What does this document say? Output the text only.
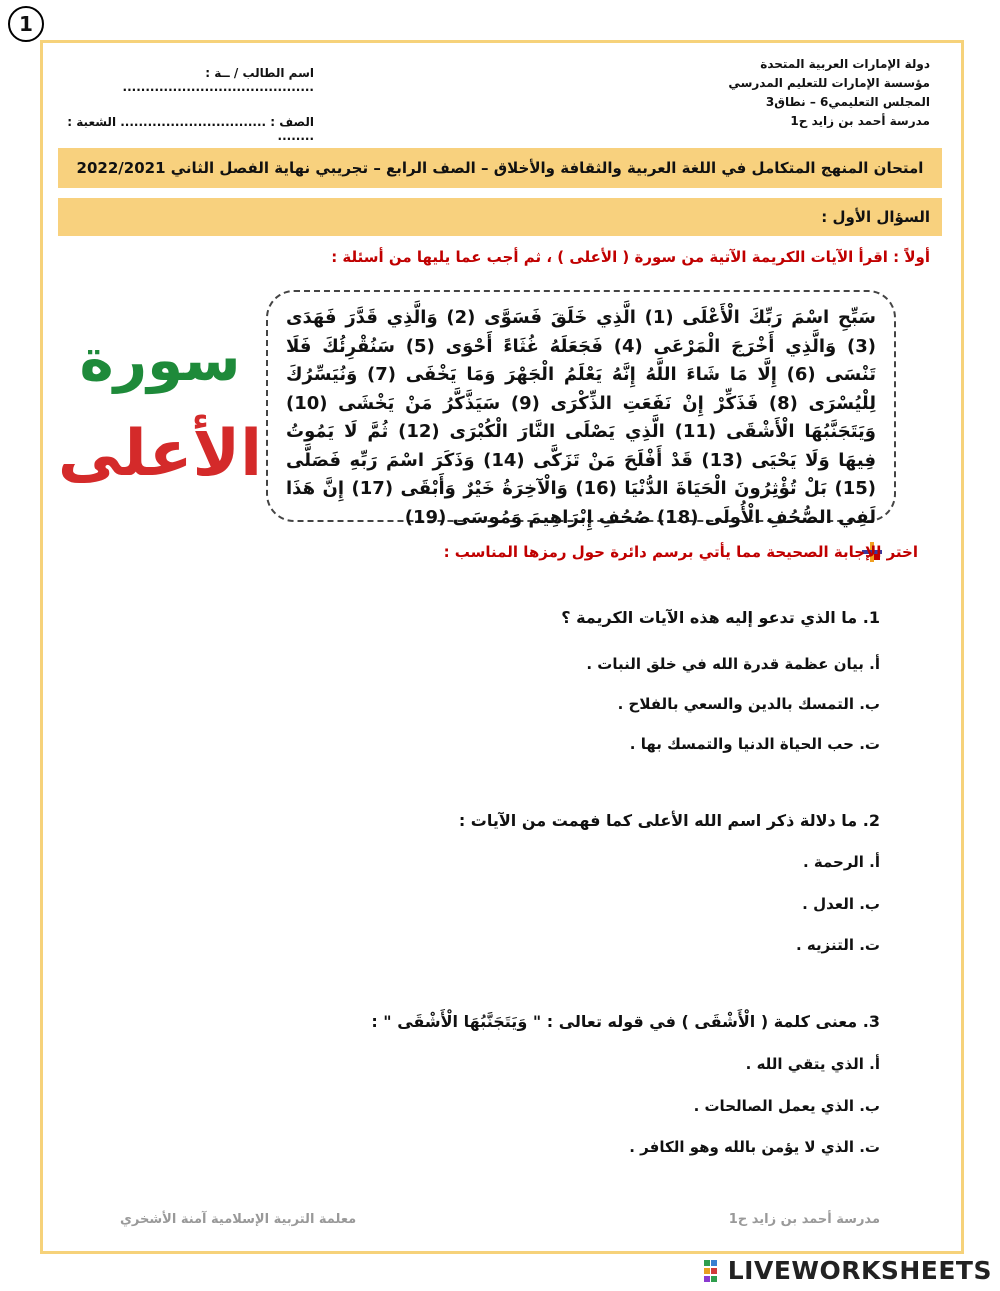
1
دولة الإمارات العربية المتحدة
مؤسسة الإمارات للتعليم المدرسي
المجلس التعليمي6 – نطاق3
مدرسة أحمد بن زايد ح1
اسم الطالب / ــة : ..........................................
الصف : ................................ الشعبة : ........
امتحان المنهج المتكامل في اللغة العربية والثقافة والأخلاق – الصف الرابع – تجريبي نهاية الفصل الثاني 2022/2021
السؤال الأول :
أولاً : اقرأ الآيات الكريمة الآتية من سورة ( الأعلى ) ، ثم أجب عما يليها من أسئلة :
سَبِّحِ اسْمَ رَبِّكَ الْأَعْلَى (1) الَّذِي خَلَقَ فَسَوَّى (2) وَالَّذِي قَدَّرَ فَهَدَى (3) وَالَّذِي أَخْرَجَ الْمَرْعَى (4) فَجَعَلَهُ غُثَاءً أَحْوَى (5) سَنُقْرِئُكَ فَلَا تَنْسَى (6) إِلَّا مَا شَاءَ اللَّهُ إِنَّهُ يَعْلَمُ الْجَهْرَ وَمَا يَخْفَى (7) وَنُيَسِّرُكَ لِلْيُسْرَى (8) فَذَكِّرْ إِنْ نَفَعَتِ الذِّكْرَى (9) سَيَذَّكَّرُ مَنْ يَخْشَى (10) وَيَتَجَنَّبُهَا الْأَشْقَى (11) الَّذِي يَصْلَى النَّارَ الْكُبْرَى (12) ثُمَّ لَا يَمُوتُ فِيهَا وَلَا يَحْيَى (13) قَدْ أَفْلَحَ مَنْ تَزَكَّى (14) وَذَكَرَ اسْمَ رَبِّهِ فَصَلَّى (15) بَلْ تُؤْثِرُونَ الْحَيَاةَ الدُّنْيَا (16) وَالْآخِرَةُ خَيْرٌ وَأَبْقَى (17) إِنَّ هَذَا لَفِي الصُّحُفِ الْأُولَى (18) صُحُفِ إِبْرَاهِيمَ وَمُوسَى (19)
سورة
الأعلى
اختر الإجابة الصحيحة مما يأتي برسم دائرة حول رمزها المناسب :
1. ما الذي تدعو إليه هذه الآيات الكريمة ؟
أ. بيان عظمة قدرة الله في خلق النبات .
ب. التمسك بالدين والسعي بالفلاح .
ت. حب الحياة الدنيا والتمسك بها .
2. ما دلالة ذكر اسم الله الأعلى كما فهمت من الآيات :
أ. الرحمة .
ب. العدل .
ت. التنزيه .
3. معنى كلمة ( الْأَشْقَى ) في قوله تعالى : " وَيَتَجَنَّبُهَا الْأَشْقَى " :
أ. الذي يتقي الله .
ب. الذي يعمل الصالحات .
ت. الذي لا يؤمن بالله وهو الكافر .
مدرسة أحمد بن زايد ح1
معلمة التربية الإسلامية آمنة الأشخري
LIVEWORKSHEETS
